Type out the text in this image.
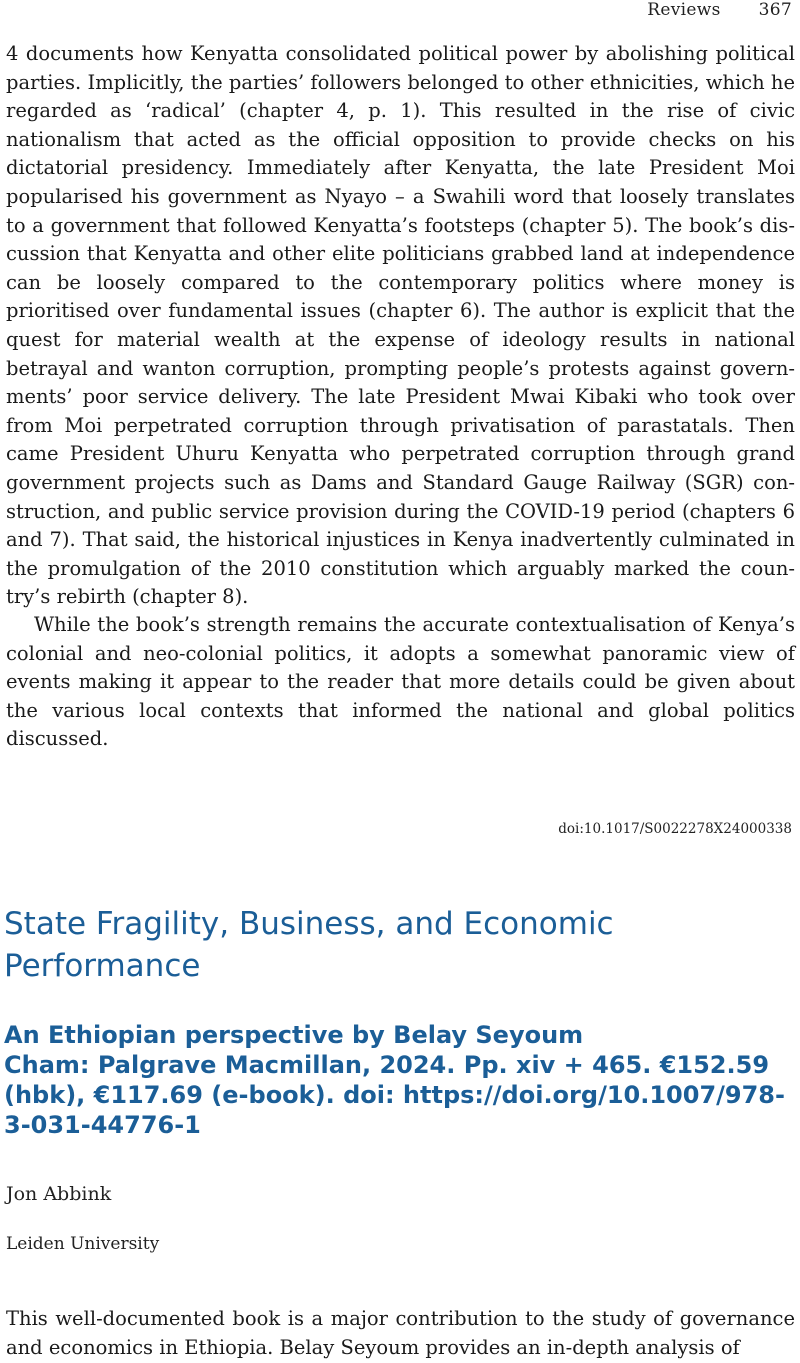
Reviews 367

4 documents how Kenyatta consolidated political power by abolishing political parties. Implicitly, the parties’ followers belonged to other ethnicities, which he regarded as ‘radical’ (chapter 4, p. 1). This resulted in the rise of civic nationalism that acted as the official opposition to provide checks on his dictatorial presidency. Immediately after Kenyatta, the late President Moi popularised his government as Nyayo – a Swahili word that loosely translates to a government that followed Kenyatta’s footsteps (chapter 5). The book’s discussion that Kenyatta and other elite politicians grabbed land at independence can be loosely compared to the contemporary politics where money is prioritised over fundamental issues (chapter 6). The author is explicit that the quest for material wealth at the expense of ideology results in national betrayal and wanton corruption, prompting people’s protests against governments’ poor service delivery. The late President Mwai Kibaki who took over from Moi perpetrated corruption through privatisation of parastatals. Then came President Uhuru Kenyatta who perpetrated corruption through grand government projects such as Dams and Standard Gauge Railway (SGR) construction, and public service provision during the COVID-19 period (chapters 6 and 7). That said, the historical injustices in Kenya inadvertently culminated in the promulgation of the 2010 constitution which arguably marked the country’s rebirth (chapter 8).

While the book’s strength remains the accurate contextualisation of Kenya’s colonial and neo-colonial politics, it adopts a somewhat panoramic view of events making it appear to the reader that more details could be given about the various local contexts that informed the national and global politics discussed.

doi:10.1017/S0022278X24000338
State Fragility, Business, and Economic Performance
An Ethiopian perspective by Belay Seyoum
Cham: Palgrave Macmillan, 2024. Pp. xiv + 465. €152.59 (hbk), €117.69 (e-book). doi: https://doi.org/10.1007/978-3-031-44776-1
Jon Abbink
Leiden University

This well-documented book is a major contribution to the study of governance and economics in Ethiopia. Belay Seyoum provides an in-depth analysis of
